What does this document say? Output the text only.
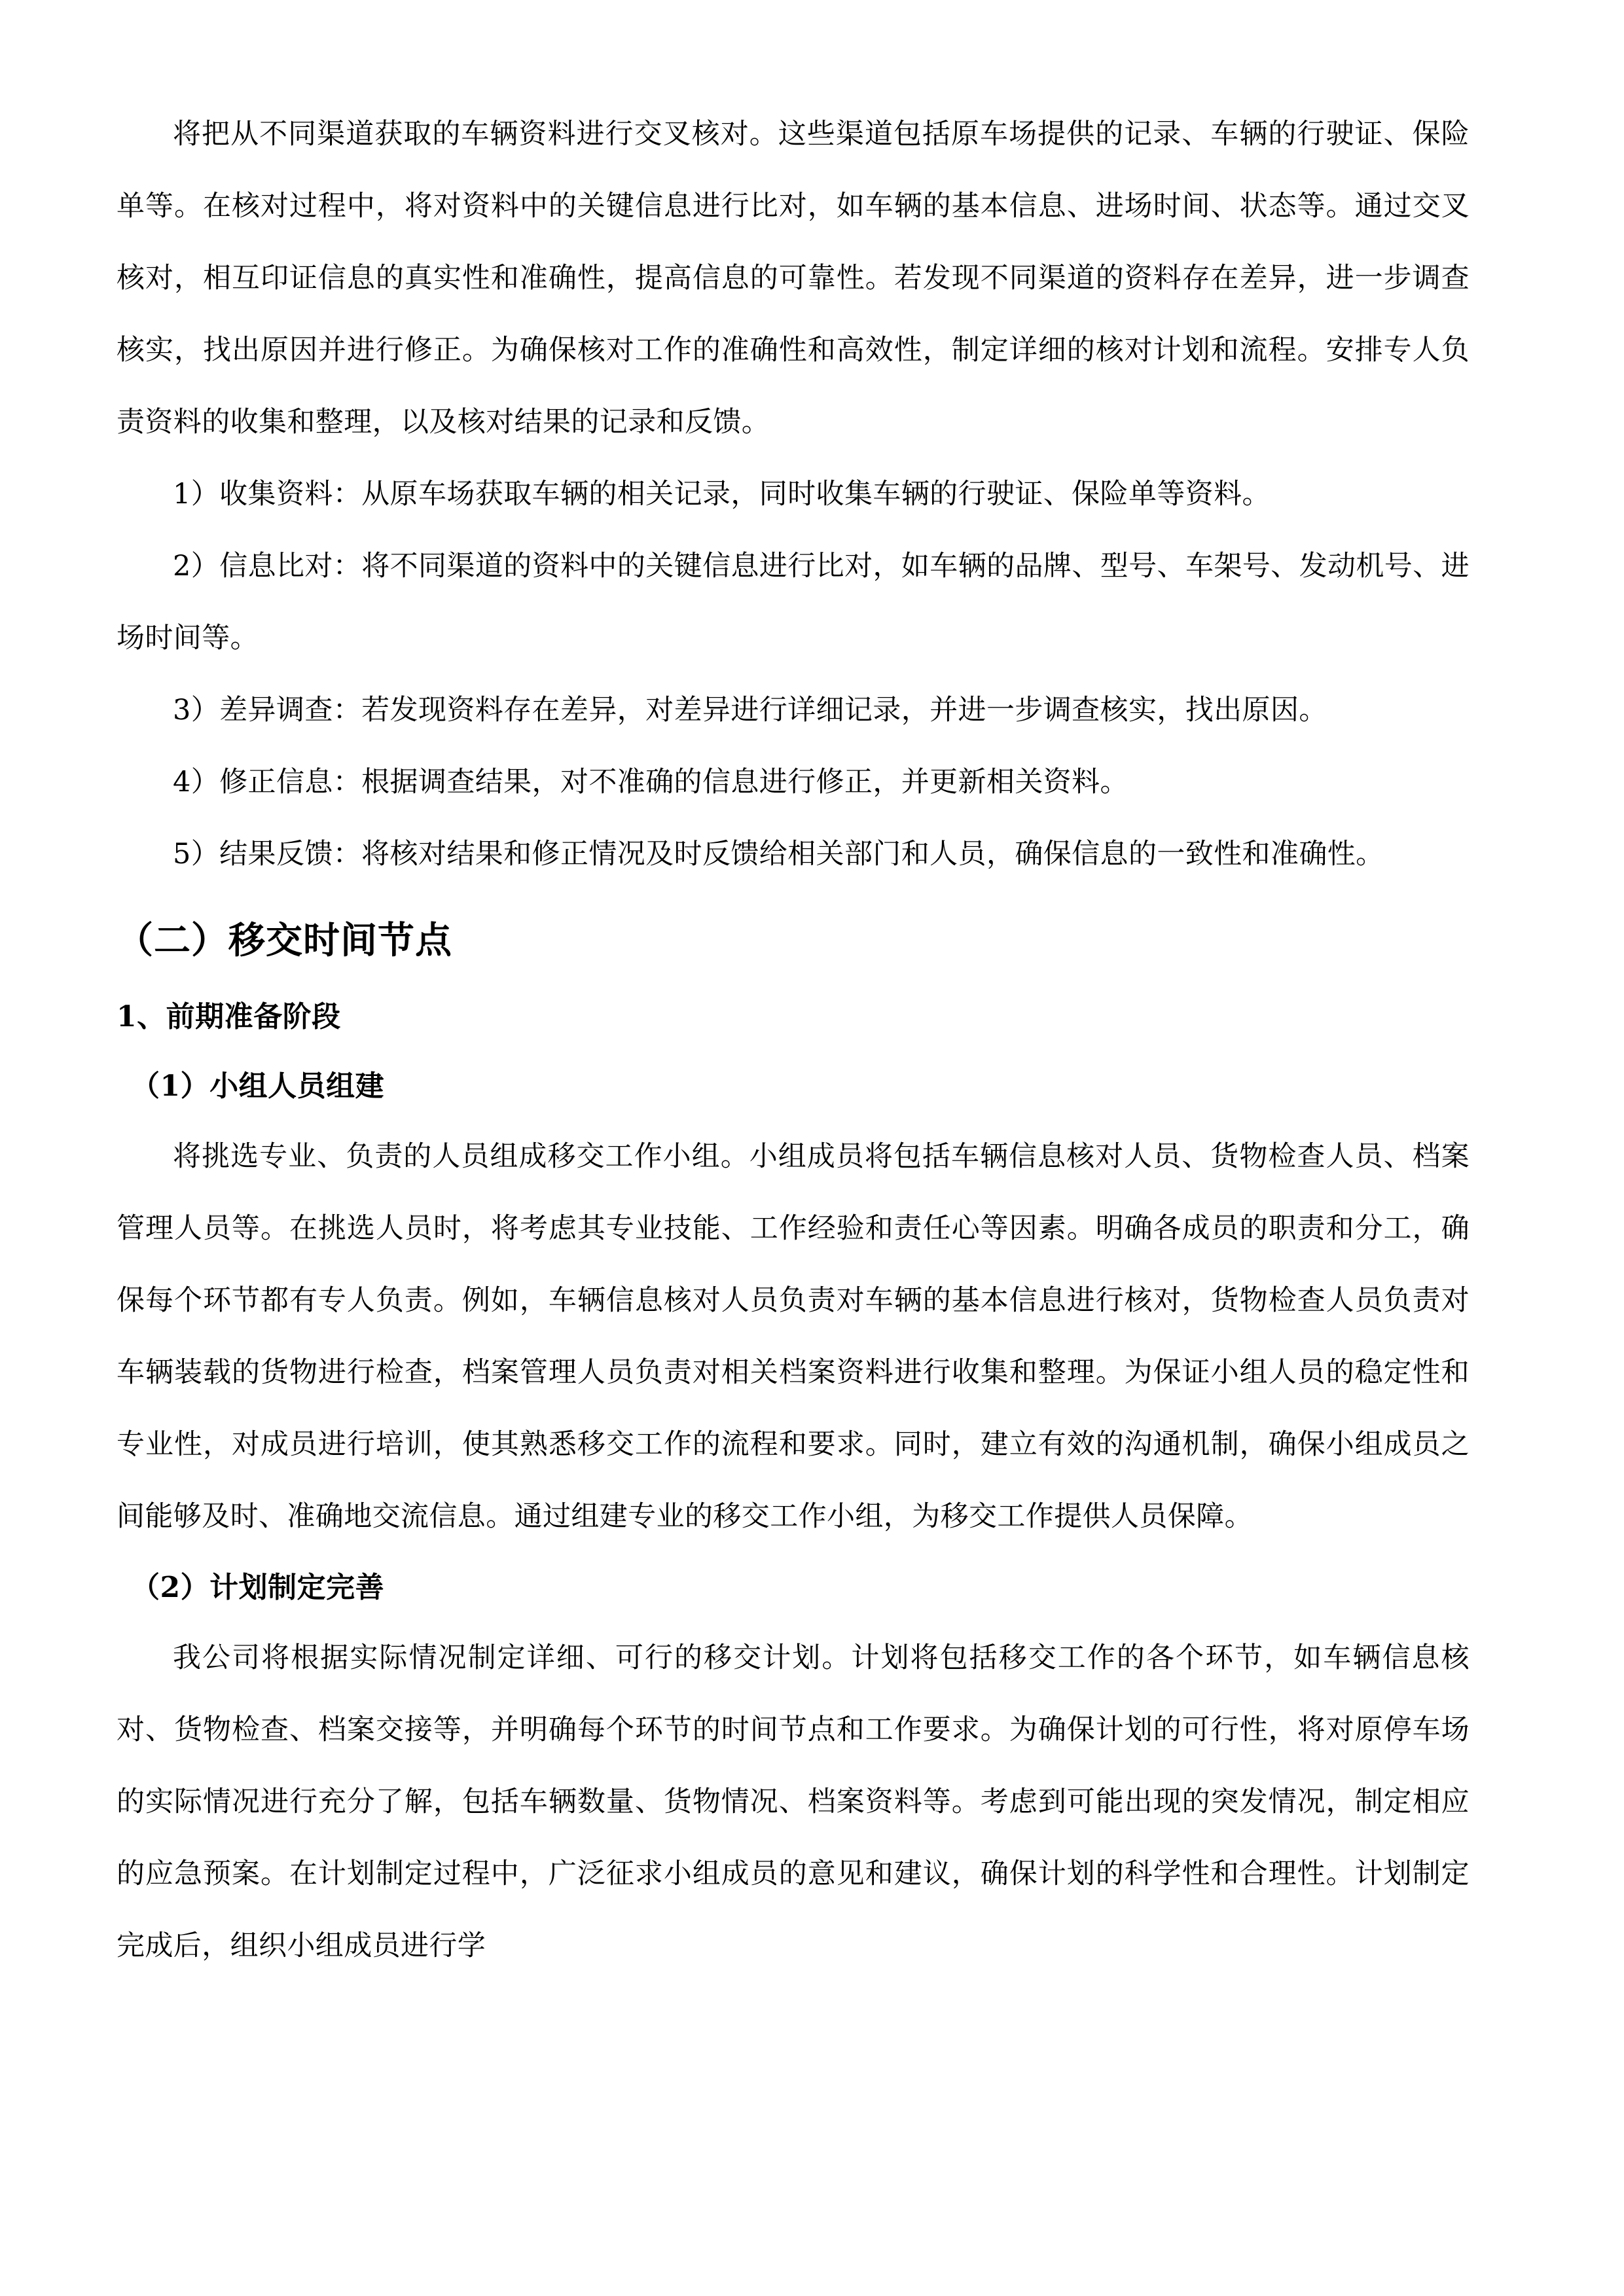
将把从不同渠道获取的车辆资料进行交叉核对。这些渠道包括原车场提供的记录、车辆的行驶证、保险单等。在核对过程中，将对资料中的关键信息进行比对，如车辆的基本信息、进场时间、状态等。通过交叉核对，相互印证信息的真实性和准确性，提高信息的可靠性。若发现不同渠道的资料存在差异，进一步调查核实，找出原因并进行修正。为确保核对工作的准确性和高效性，制定详细的核对计划和流程。安排专人负责资料的收集和整理，以及核对结果的记录和反馈。

1）收集资料：从原车场获取车辆的相关记录，同时收集车辆的行驶证、保险单等资料。

2）信息比对：将不同渠道的资料中的关键信息进行比对，如车辆的品牌、型号、车架号、发动机号、进场时间等。

3）差异调查：若发现资料存在差异，对差异进行详细记录，并进一步调查核实，找出原因。

4）修正信息：根据调查结果，对不准确的信息进行修正，并更新相关资料。

5）结果反馈：将核对结果和修正情况及时反馈给相关部门和人员，确保信息的一致性和准确性。

（二）移交时间节点
1、前期准备阶段
（1）小组人员组建

将挑选专业、负责的人员组成移交工作小组。小组成员将包括车辆信息核对人员、货物检查人员、档案管理人员等。在挑选人员时，将考虑其专业技能、工作经验和责任心等因素。明确各成员的职责和分工，确保每个环节都有专人负责。例如，车辆信息核对人员负责对车辆的基本信息进行核对，货物检查人员负责对车辆装载的货物进行检查，档案管理人员负责对相关档案资料进行收集和整理。为保证小组人员的稳定性和专业性，对成员进行培训，使其熟悉移交工作的流程和要求。同时，建立有效的沟通机制，确保小组成员之间能够及时、准确地交流信息。通过组建专业的移交工作小组，为移交工作提供人员保障。

（2）计划制定完善

我公司将根据实际情况制定详细、可行的移交计划。计划将包括移交工作的各个环节，如车辆信息核对、货物检查、档案交接等，并明确每个环节的时间节点和工作要求。为确保计划的可行性，将对原停车场的实际情况进行充分了解，包括车辆数量、货物情况、档案资料等。考虑到可能出现的突发情况，制定相应的应急预案。在计划制定过程中，广泛征求小组成员的意见和建议，确保计划的科学性和合理性。计划制定完成后，组织小组成员进行学
